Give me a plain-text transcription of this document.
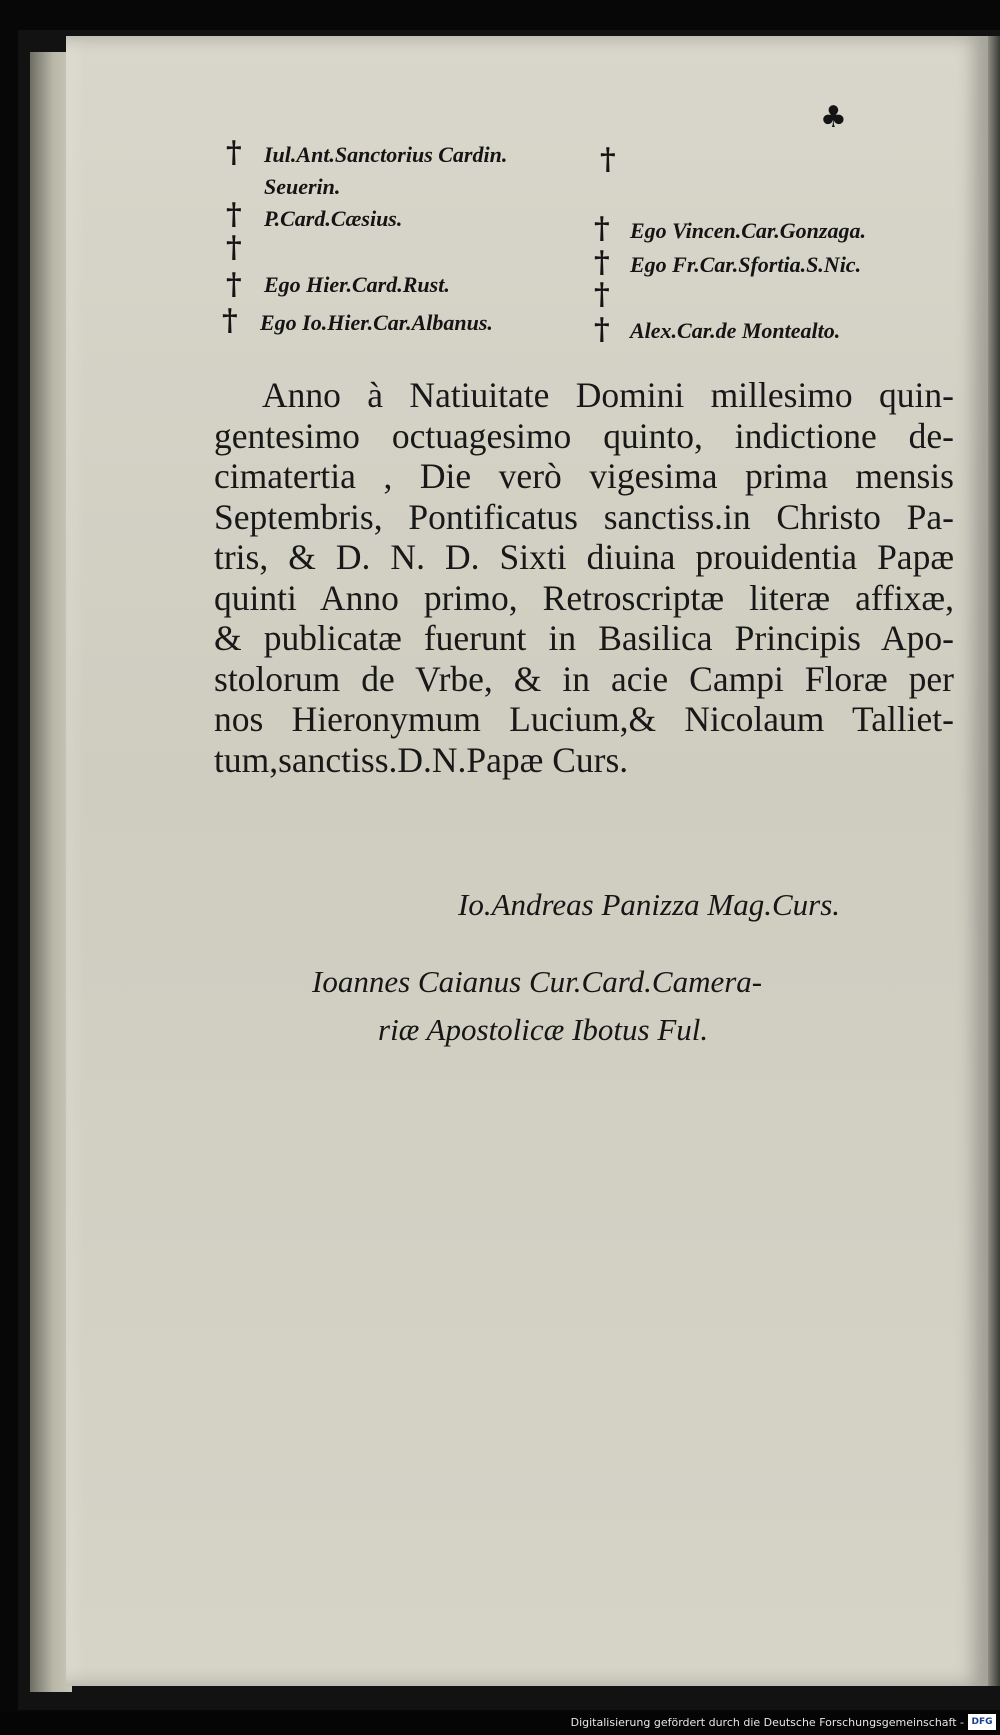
♣
†
†
†
†
†
†
†
†
†
†
Iul.Ant.Sanctorius Cardin.
Seuerin.
P.Card.Cæsius.
Ego Hier.Card.Rust.
Ego Io.Hier.Car.Albanus.
Ego Vincen.Car.Gonzaga.
Ego Fr.Car.Sfortia.S.Nic.
Alex.Car.de Montealto.
Anno à Natiuitate Domini millesimo quin-
gentesimo octuagesimo quinto, indictione de-
cimatertia , Die verò vigesima prima mensis
Septembris, Pontificatus sanctiss.in Christo Pa-
tris, & D. N. D. Sixti diuina prouidentia Papæ
quinti Anno primo, Retroscriptæ literæ affixæ,
& publicatæ fuerunt in Basilica Principis Apo-
stolorum de Vrbe, & in acie Campi Floræ per
nos Hieronymum Lucium,& Nicolaum Talliet-
tum,sanctiss.D.N.Papæ Curs.
Io.Andreas Panizza Mag.Curs.
Ioannes Caianus Cur.Card.Camera-
riæ Apostolicæ Ibotus Ful.
Digitalisierung gefördert durch die Deutsche Forschungsgemeinschaft - DFG
